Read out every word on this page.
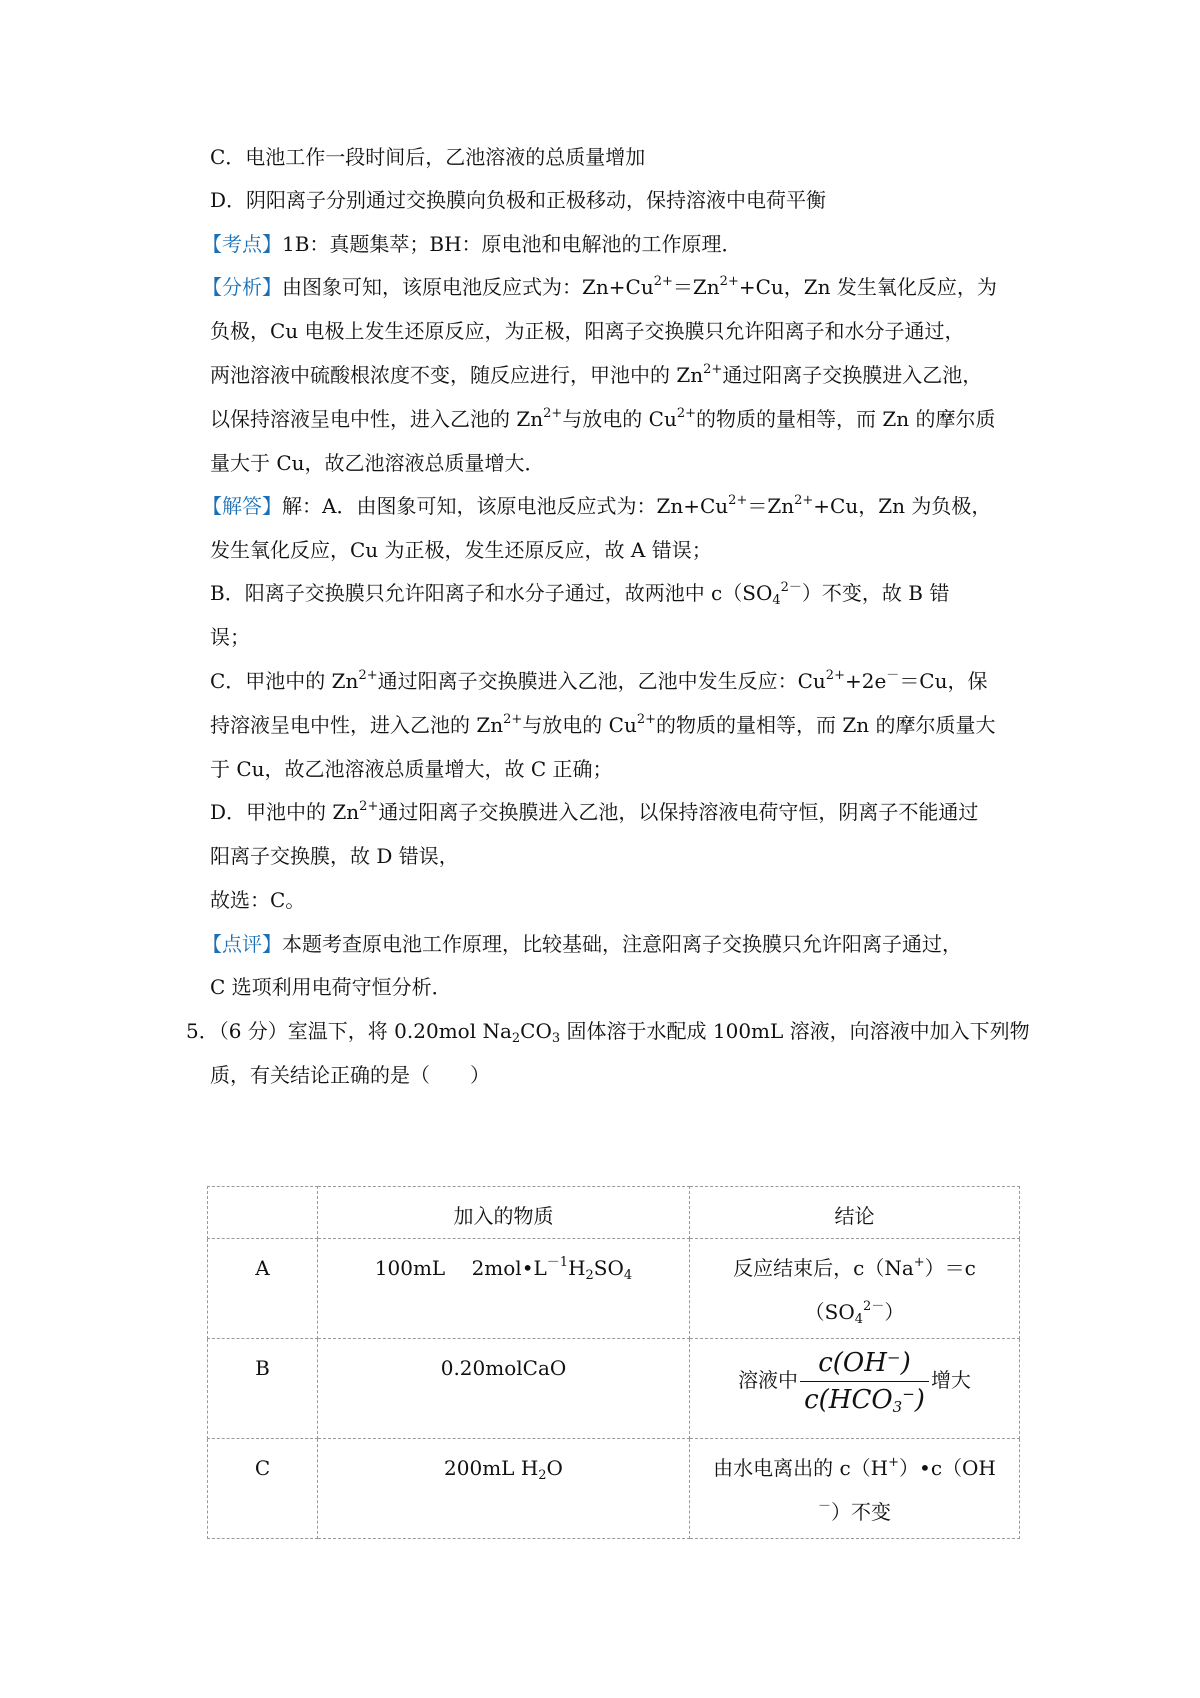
C．电池工作一段时间后，乙池溶液的总质量增加
D．阴阳离子分别通过交换膜向负极和正极移动，保持溶液中电荷平衡
【考点】1B：真题集萃；BH：原电池和电解池的工作原理．
【分析】由图象可知，该原电池反应式为：$Zn+Cu^{2+}=Zn^{2+}+Cu$，Zn 发生氧化反应，为
负极，Cu 电极上发生还原反应，为正极，阳离子交换膜只允许阳离子和水分子通过，
两池溶液中硫酸根浓度不变，随反应进行，甲池中的 $Zn^{2+}$通过阳离子交换膜进入乙池，
以保持溶液呈电中性，进入乙池的 $Zn^{2+}$与放电的 $Cu^{2+}$的物质的量相等，而 Zn 的摩尔质
量大于 Cu，故乙池溶液总质量增大．
【解答】解：A．由图象可知，该原电池反应式为：$Zn+Cu^{2+}=Zn^{2+}+Cu$，Zn 为负极，
发生氧化反应，Cu 为正极，发生还原反应，故 A 错误；
B．阳离子交换膜只允许阳离子和水分子通过，故两池中 $c(SO_4^{2-})$不变，故 B 错
误；
C．甲池中的 $Zn^{2+}$通过阳离子交换膜进入乙池，乙池中发生反应：$Cu^{2+}+2e^-=Cu$，保
持溶液呈电中性，进入乙池的 $Zn^{2+}$与放电的 $Cu^{2+}$的物质的量相等，而 Zn 的摩尔质量大
于 Cu，故乙池溶液总质量增大，故 C 正确；
D．甲池中的 $Zn^{2+}$通过阳离子交换膜进入乙池，以保持溶液电荷守恒，阴离子不能通过
阳离子交换膜，故 D 错误，
故选：C。
【点评】本题考查原电池工作原理，比较基础，注意阳离子交换膜只允许阳离子通过，
C 选项利用电荷守恒分析．
5．（6 分）室温下，将 0.20mol $Na_2CO_3$ 固体溶于水配成 100mL 溶液，向溶液中加入下列物
质，有关结论正确的是（　　）
	加入的物质	结论
A	100mL　 $2mol•L^{-1}H_2SO_4$	反应结束后，c（Na+）＝c
$(SO_4^{2-})$

B	0.20molCaO	溶液中 $\frac{c(OH^-)}{c(HCO_3^-)}$ 增大
C	200mL $H_2O$	由水电离出的 c（H+）•c（OH
－）不变
